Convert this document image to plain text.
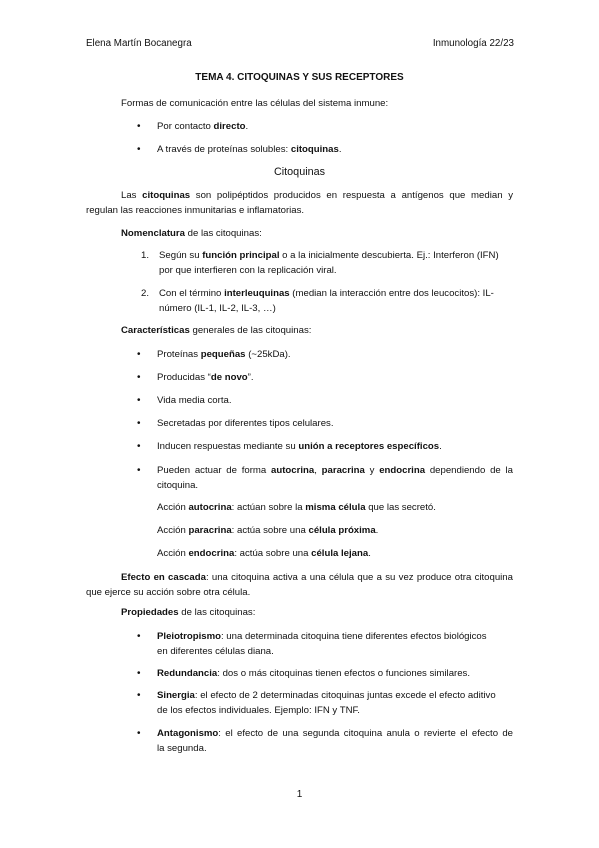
Elena Martín Bocanegra	Inmunología 22/23
TEMA 4. CITOQUINAS Y SUS RECEPTORES
Formas de comunicación entre las células del sistema inmune:
• Por contacto directo.
• A través de proteínas solubles: citoquinas.
Citoquinas
Las citoquinas son polipéptidos producidos en respuesta a antígenos que median y
regulan las reacciones inmunitarias e inflamatorias.
Nomenclatura de las citoquinas:
1. Según su función principal o a la inicialmente descubierta. Ej.: Interferon (IFN)
por que interfieren con la replicación viral.
2. Con el término interleuquinas (median la interacción entre dos leucocitos): IL-
número (IL-1, IL-2, IL-3, …)
Características generales de las citoquinas:
• Proteínas pequeñas (~25kDa).
• Producidas “de novo”.
• Vida media corta.
• Secretadas por diferentes tipos celulares.
• Inducen respuestas mediante su unión a receptores específicos.
• Pueden actuar de forma autocrina, paracrina y endocrina dependiendo de la
citoquina.
Acción autocrina: actúan sobre la misma célula que las secretó.
Acción paracrina: actúa sobre una célula próxima.
Acción endocrina: actúa sobre una célula lejana.
Efecto en cascada: una citoquina activa a una célula que a su vez produce otra citoquina
que ejerce su acción sobre otra célula.
Propiedades de las citoquinas:
• Pleiotropismo: una determinada citoquina tiene diferentes efectos biológicos
en diferentes células diana.
• Redundancia: dos o más citoquinas tienen efectos o funciones similares.
• Sinergia: el efecto de 2 determinadas citoquinas juntas excede el efecto aditivo
de los efectos individuales. Ejemplo: IFN y TNF.
• Antagonismo: el efecto de una segunda citoquina anula o revierte el efecto de
la segunda.
1
